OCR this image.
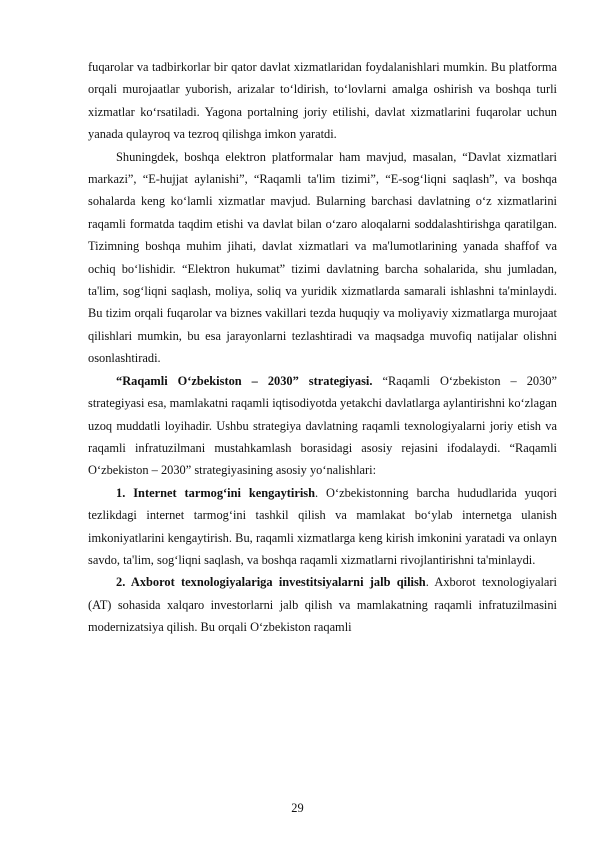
fuqarolar va tadbirkorlar bir qator davlat xizmatlaridan foydalanishlari mumkin. Bu platforma orqali murojaatlar yuborish, arizalar to‘ldirish, to‘lovlarni amalga oshirish va boshqa turli xizmatlar ko‘rsatiladi. Yagona portalning joriy etilishi, davlat xizmatlarini fuqarolar uchun yanada qulayroq va tezroq qilishga imkon yaratdi.

Shuningdek, boshqa elektron platformalar ham mavjud, masalan, “Davlat xizmatlari markazi”, “E-hujjat aylanishi”, “Raqamli ta'lim tizimi”, “E-sog‘liqni saqlash”, va boshqa sohalarda keng ko‘lamli xizmatlar mavjud. Bularning barchasi davlatning o‘z xizmatlarini raqamli formatda taqdim etishi va davlat bilan o‘zaro aloqalarni soddalashtirishga qaratilgan. Tizimning boshqa muhim jihati, davlat xizmatlari va ma'lumotlarining yanada shaffof va ochiq bo‘lishidir. “Elektron hukumat” tizimi davlatning barcha sohalarida, shu jumladan, ta'lim, sog‘liqni saqlash, moliya, soliq va yuridik xizmatlarda samarali ishlashni ta'minlaydi. Bu tizim orqali fuqarolar va biznes vakillari tezda huquqiy va moliyaviy xizmatlarga murojaat qilishlari mumkin, bu esa jarayonlarni tezlashtiradi va maqsadga muvofiq natijalar olishni osonlashtiradi.

“Raqamli O‘zbekiston – 2030” strategiyasi. “Raqamli O‘zbekiston – 2030” strategiyasi esa, mamlakatni raqamli iqtisodiyotda yetakchi davlatlarga aylantirishni ko‘zlagan uzoq muddatli loyihadir. Ushbu strategiya davlatning raqamli texnologiyalarni joriy etish va raqamli infratuzilmani mustahkamlash borasidagi asosiy rejasini ifodalaydi. “Raqamli O‘zbekiston – 2030” strategiyasining asosiy yo‘nalishlari:

1. Internet tarmog‘ini kengaytirish. O‘zbekistonning barcha hududlarida yuqori tezlikdagi internet tarmog‘ini tashkil qilish va mamlakat bo‘ylab internetga ulanish imkoniyatlarini kengaytirish. Bu, raqamli xizmatlarga keng kirish imkonini yaratadi va onlayn savdo, ta'lim, sog‘liqni saqlash, va boshqa raqamli xizmatlarni rivojlantirishni ta'minlaydi.

2. Axborot texnologiyalariga investitsiyalarni jalb qilish. Axborot texnologiyalari (AT) sohasida xalqaro investorlarni jalb qilish va mamlakatning raqamli infratuzilmasini modernizatsiya qilish. Bu orqali O‘zbekiston raqamli

29
